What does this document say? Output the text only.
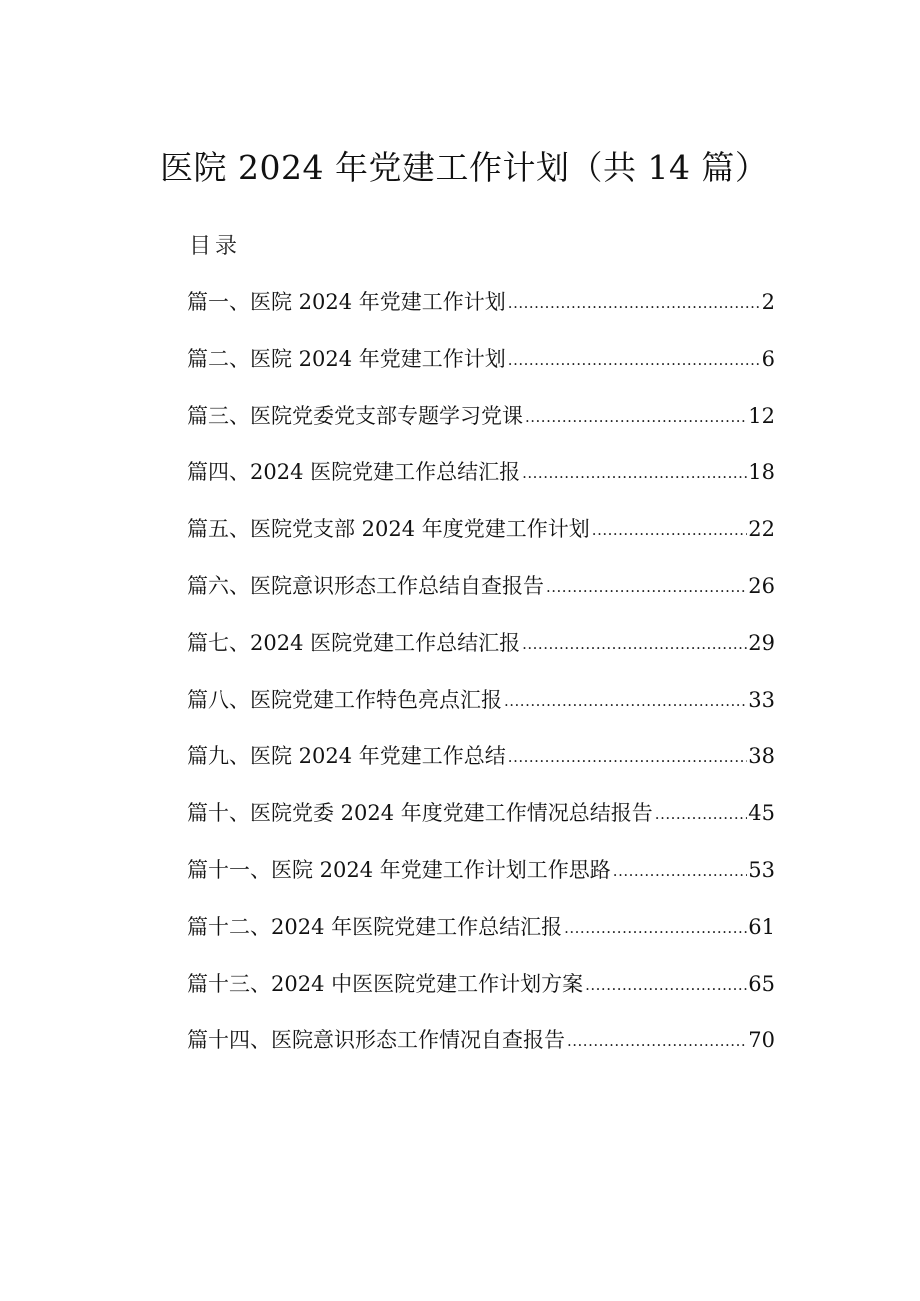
医院 2024 年党建工作计划（共 14 篇）
目录
篇一、 医院 2024 年党建工作计划 .....	2
篇二、 医院 2024 年党建工作计划 .....	6
篇三、 医院党委党支部专题学习党课 .....	12
篇四、 2024 医院党建工作总结汇报 .....	18
篇五、 医院党支部 2024 年度党建工作计划 .....	22
篇六、 医院意识形态工作总结自查报告 .....	26
篇七、 2024 医院党建工作总结汇报 .....	29
篇八、 医院党建工作特色亮点汇报 .....	33
篇九、 医院 2024 年党建工作总结 .....	38
篇十、 医院党委 2024 年度党建工作情况总结报告 .....	45
篇十一、 医院 2024 年党建工作计划工作思路 .....	53
篇十二、 2024 年医院党建工作总结汇报 .....	61
篇十三、 2024 中医医院党建工作计划方案 .....	65
篇十四、 医院意识形态工作情况自查报告 .....	70
